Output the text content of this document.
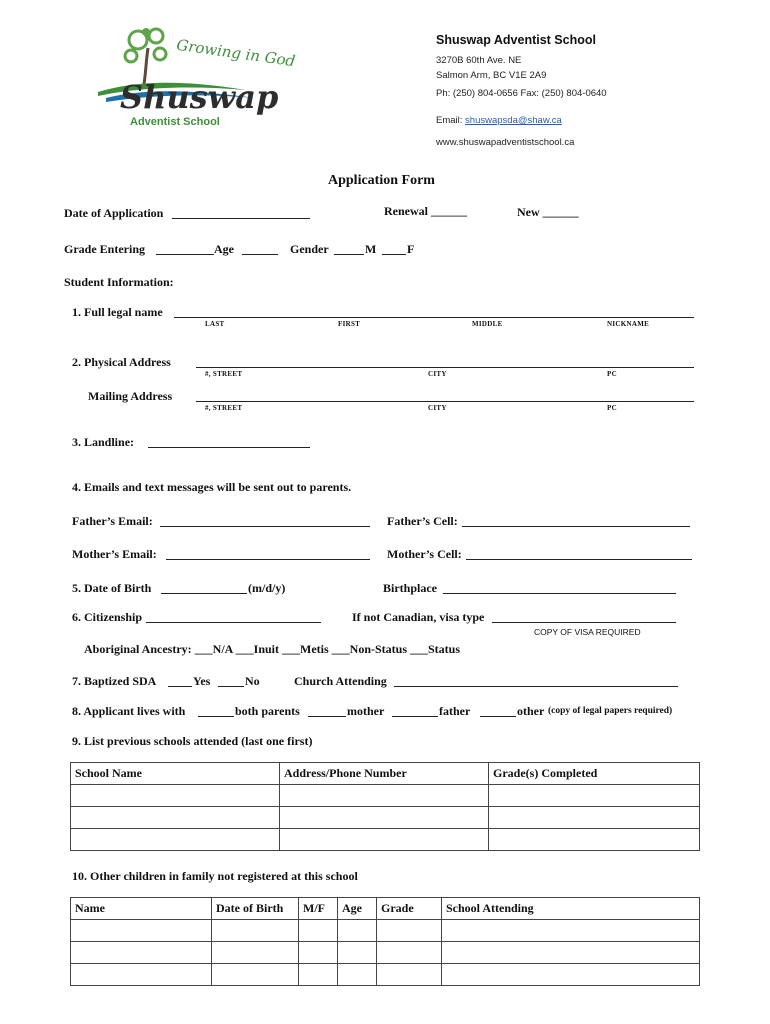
Growing in God
Shuswap
Adventist School
Shuswap Adventist School
3270B 60th Ave. NE
Salmon Arm, BC V1E 2A9
Ph: (250) 804-0656 Fax: (250) 804-0640
Email: shuswapsda@shaw.ca
www.shuswapadventistschool.ca
Application Form
Date of Application	Renewal ______	New ______
Grade Entering	Age	Gender	M	F
Student Information:
1. Full legal name
LAST	FIRST	MIDDLE	NICKNAME
2. Physical Address
#, STREET	CITY	PC
Mailing Address
#, STREET	CITY	PC
3. Landline:
4. Emails and text messages will be sent out to parents.
Father’s Email:	Father’s Cell:
Mother’s Email:	Mother’s Cell:
5. Date of Birth	(m/d/y)	Birthplace
6. Citizenship	If not Canadian, visa type
COPY OF VISA REQUIRED
Aboriginal Ancestry: ___N/A ___Inuit ___Metis ___Non-Status ___Status
7. Baptized SDA	Yes	No	Church Attending
8. Applicant lives with	both parents	mother	father	other (copy of legal papers required)
9. List previous schools attended (last one first)
School Name	Address/Phone Number	Grade(s) Completed

10. Other children in family not registered at this school
Name	Date of Birth	M/F	Age	Grade	School Attending
